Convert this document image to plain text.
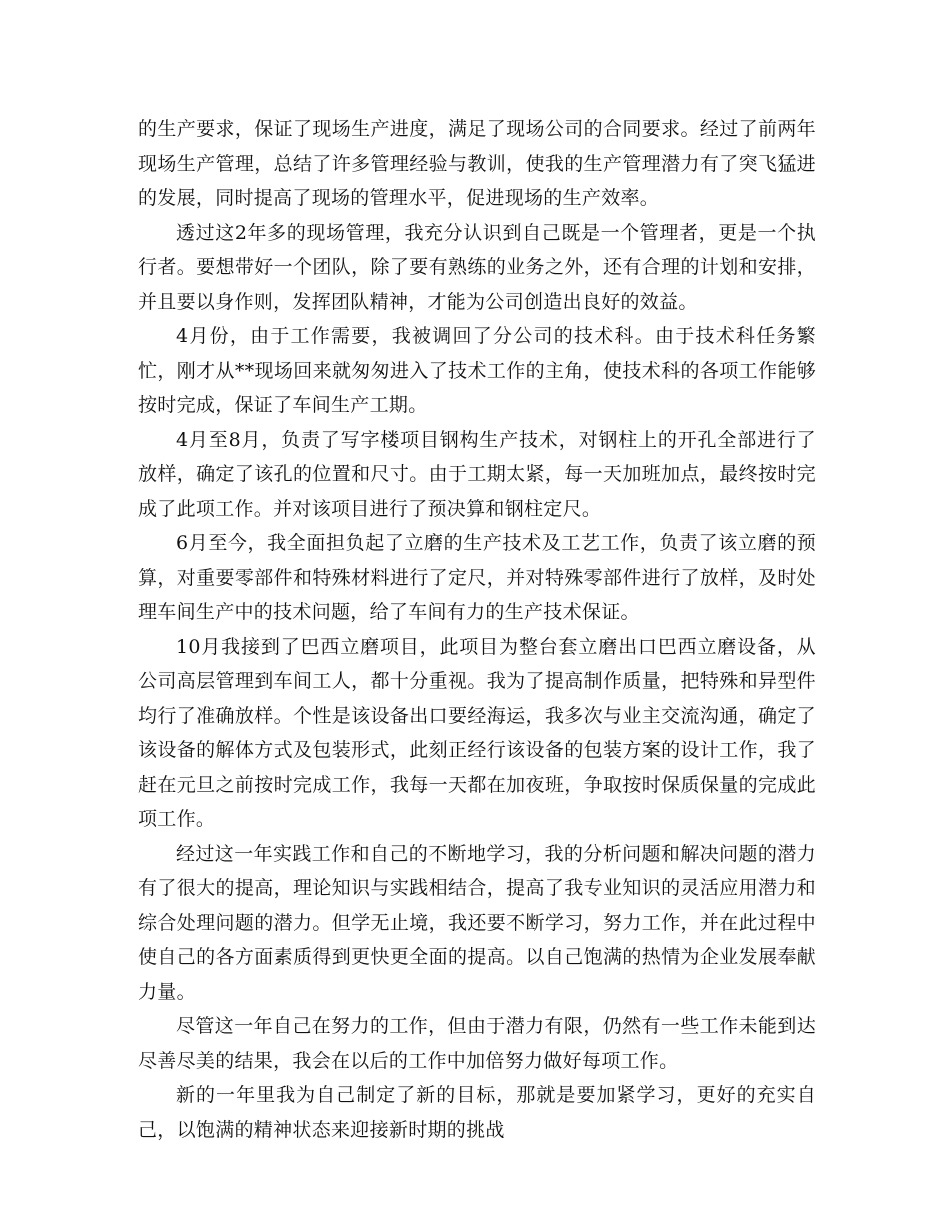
的生产要求，保证了现场生产进度，满足了现场公司的合同要求。经过了前两年现场生产管理，总结了许多管理经验与教训，使我的生产管理潜力有了突飞猛进的发展，同时提高了现场的管理水平，促进现场的生产效率。

透过这2年多的现场管理，我充分认识到自己既是一个管理者，更是一个执行者。要想带好一个团队，除了要有熟练的业务之外，还有合理的计划和安排，并且要以身作则，发挥团队精神，才能为公司创造出良好的效益。

4月份，由于工作需要，我被调回了分公司的技术科。由于技术科任务繁忙，刚才从**现场回来就匆匆进入了技术工作的主角，使技术科的各项工作能够按时完成，保证了车间生产工期。

4月至8月，负责了写字楼项目钢构生产技术，对钢柱上的开孔全部进行了放样，确定了该孔的位置和尺寸。由于工期太紧，每一天加班加点，最终按时完成了此项工作。并对该项目进行了预决算和钢柱定尺。

6月至今，我全面担负起了立磨的生产技术及工艺工作，负责了该立磨的预算，对重要零部件和特殊材料进行了定尺，并对特殊零部件进行了放样，及时处理车间生产中的技术问题，给了车间有力的生产技术保证。

10月我接到了巴西立磨项目，此项目为整台套立磨出口巴西立磨设备，从公司高层管理到车间工人，都十分重视。我为了提高制作质量，把特殊和异型件均行了准确放样。个性是该设备出口要经海运，我多次与业主交流沟通，确定了该设备的解体方式及包装形式，此刻正经行该设备的包装方案的设计工作，我了赶在元旦之前按时完成工作，我每一天都在加夜班，争取按时保质保量的完成此项工作。

经过这一年实践工作和自己的不断地学习，我的分析问题和解决问题的潜力有了很大的提高，理论知识与实践相结合，提高了我专业知识的灵活应用潜力和综合处理问题的潜力。但学无止境，我还要不断学习，努力工作，并在此过程中使自己的各方面素质得到更快更全面的提高。以自己饱满的热情为企业发展奉献力量。

尽管这一年自己在努力的工作，但由于潜力有限，仍然有一些工作未能到达尽善尽美的结果，我会在以后的工作中加倍努力做好每项工作。

新的一年里我为自己制定了新的目标，那就是要加紧学习，更好的充实自己，以饱满的精神状态来迎接新时期的挑战
